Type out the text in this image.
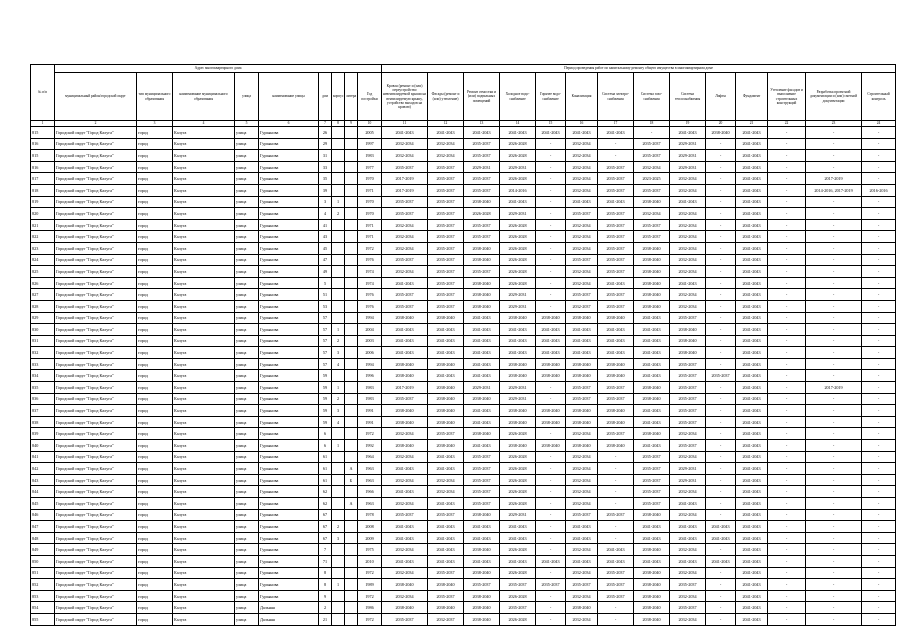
№ п/п	Адрес многоквартирного дома									Период проведения работ по капитальному ремонту общего имущества в многоквартирном доме													
	муниципальный район/городской округ	тип муниципального образования	наименование муниципального образования	улица	наименование улицы	дом	корпус	литера	Год постройки	Кровля (ремонт и (или) переустройство невентилируемой крыши на вентилируемую крышу, устройство выходов на кровлю)	Фасады (ремонт и (или) утепление)	Ремонт отмостки и (или) подвальных помещений	Холодное водо-снабжение	Горячее водо-снабжение	Канализация	Система электро-снабжения	Система газо-снабжения	Система теплоснабжения	Лифты	Фундамент	Утепление фасадов и выполнение строительных конструкций	Разработка проектной документации и (или) сметной документации	Строительный контроль
1	2	3	4	5	6	7	8	9	10	11	12	13	14	15	16	17	18	19	20	21	22	23	24
815	Городской округ "Город Калуга"	город	Калуга	улица	Гурьянова	26			2005	2041-2043	2041-2043	2041-2043	2041-2043	2041-2043	2041-2043	2041-2043	-	2041-2043	2038-2040	2041-2043	-	-	-
816	Городской округ "Город Калуга"	город	Калуга	улица	Гурьянова	29			1997	2032-2034	2032-2034	2035-2037	2026-2028	-	2032-2034	-	2035-2037	2029-2031	-	2041-2043	-	-	-
815	Городской округ "Город Калуга"	город	Калуга	улица	Гурьянова	31			1983	2032-2034	2032-2034	2035-2037	2026-2028	-	2032-2034	-	2035-2037	2029-2031	-	2041-2043	-	-	-
816	Городской округ "Город Калуга"	город	Калуга	улица	Гурьянова	33			1977	2035-2037	2035-2037	2029-2031	2029-2031	-	2032-2034	2035-2037	2032-2034	2029-2031	-	2041-2043	-	-	-
817	Городской округ "Город Калуга"	город	Калуга	улица	Гурьянова	35			1970	2017-2019	2035-2037	2035-2037	2026-2028	-	2032-2034	2035-2037	2023-2025	2032-2034	-	2041-2043	-	2017-2019	-
818	Городской округ "Город Калуга"	город	Калуга	улица	Гурьянова	39			1971	2017-2019	2035-2037	2035-2037	2014-2016	-	2032-2034	2035-2037	2035-2037	2032-2034	-	2041-2043	-	2014-2016, 2017-2019	2016-2016
819	Городской округ "Город Калуга"	город	Калуга	улица	Гурьянова	3	1		1970	2035-2037	2035-2037	2038-2040	2041-2043	-	2041-2043	2041-2043	2038-2040	2041-2043	-	2041-2043	-	-	-
820	Городской округ "Город Калуга"	город	Калуга	улица	Гурьянова	4	2		1970	2035-2037	2035-2037	2026-2028	2029-2031	-	2035-2037	2035-2037	2032-2034	2032-2034	-	2041-2043	-	-	-
821	Городской округ "Город Калуга"	город	Калуга	улица	Гурьянова	41			1971	2032-2034	2035-2037	2035-2037	2026-2028	-	2032-2034	2035-2037	2035-2037	2032-2034	-	2041-2043	-	-	-
822	Городской округ "Город Калуга"	город	Калуга	улица	Гурьянова	43			1971	2032-2034	2035-2037	2035-2037	2026-2028	-	2032-2034	2035-2037	2035-2037	2032-2034	-	2041-2043	-	-	-
823	Городской округ "Город Калуга"	город	Калуга	улица	Гурьянова	45			1972	2032-2034	2035-2037	2038-2040	2026-2028	-	2032-2034	2035-2037	2038-2040	2032-2034	-	2041-2043	-	-	-
824	Городской округ "Город Калуга"	город	Калуга	улица	Гурьянова	47			1976	2035-2037	2035-2037	2038-2040	2026-2028	-	2035-2037	2035-2037	2038-2040	2032-2034	-	2041-2043	-	-	-
825	Городской округ "Город Калуга"	город	Калуга	улица	Гурьянова	49			1974	2032-2034	2035-2037	2035-2037	2026-2028	-	2032-2034	2035-2037	2038-2040	2032-2034	-	2041-2043	-	-	-
826	Городской округ "Город Калуга"	город	Калуга	улица	Гурьянова	5			1974	2041-2043	2035-2037	2038-2040	2026-2028	-	2032-2034	2041-2043	2038-2040	2041-2043	-	2041-2043	-	-	-
827	Городской округ "Город Калуга"	город	Калуга	улица	Гурьянова	51			1976	2035-2037	2035-2037	2038-2040	2029-2031	-	2035-2037	2035-2037	2038-2040	2032-2034	-	2041-2043	-	-	-
828	Городской округ "Город Калуга"	город	Калуга	улица	Гурьянова	53			1976	2035-2037	2035-2037	2038-2040	2029-2031	-	2032-2037	2035-2037	2038-2040	2032-2034	-	2041-2043	-	-	-
829	Городской округ "Город Калуга"	город	Калуга	улица	Гурьянова	57			1994	2038-2040	2038-2040	2041-2043	2038-2040	2038-2040	2038-2040	2038-2040	2041-2043	2035-2037	-	2041-2043	-	-	-
830	Городской округ "Город Калуга"	город	Калуга	улица	Гурьянова	57	1		2004	2041-2043	2041-2043	2041-2043	2041-2043	2041-2043	2041-2043	2041-2043	2041-2043	2038-2040	-	2041-2043	-	-	-
831	Городской округ "Город Калуга"	город	Калуга	улица	Гурьянова	57	2		2003	2041-2043	2041-2043	2041-2043	2041-2043	2041-2043	2041-2043	2041-2043	2041-2043	2038-2040	-	2041-2043	-	-	-
832	Городской округ "Город Калуга"	город	Калуга	улица	Гурьянова	57	3		2006	2041-2043	2041-2043	2041-2043	2041-2043	2041-2043	2041-2043	2041-2043	2041-2043	2038-2040	-	2041-2043	-	-	-
833	Городской округ "Город Калуга"	город	Калуга	улица	Гурьянова	57	4		1994	2038-2040	2038-2040	2041-2043	2038-2040	2038-2040	2038-2040	2038-2040	2041-2043	2035-2037	-	2041-2043	-	-	-
834	Городской округ "Город Калуга"	город	Калуга	улица	Гурьянова	59			1996	2038-2040	2041-2043	2041-2043	2038-2040	2038-2040	2038-2040	2038-2040	2041-2043	2035-2037	2035-2037	2041-2043	-	-	-
835	Городской округ "Город Калуга"	город	Калуга	улица	Гурьянова	59	1		1983	2017-2019	2038-2040	2029-2031	2029-2031	-	2035-2037	2035-2037	2038-2040	2035-2037	-	2041-2043	-	2017-2019	-
836	Городской округ "Город Калуга"	город	Калуга	улица	Гурьянова	59	2		1983	2035-2037	2038-2040	2038-2040	2029-2031	-	2035-2037	2035-2037	2038-2040	2035-2037	-	2041-2043	-	-	-
837	Городской округ "Город Калуга"	город	Калуга	улица	Гурьянова	59	3		1991	2038-2040	2038-2040	2041-2043	2038-2040	2038-2040	2038-2040	2038-2040	2041-2043	2035-2037	-	2041-2043	-	-	-
838	Городской округ "Город Калуга"	город	Калуга	улица	Гурьянова	59	4		1991	2038-2040	2038-2040	2041-2043	2038-2040	2038-2040	2038-2040	2038-2040	2041-2043	2035-2037	-	2041-2043	-	-	-
839	Городской округ "Город Калуга"	город	Калуга	улица	Гурьянова	6			1972	2032-2034	2035-2037	2038-2040	2026-2028	-	2032-2034	2035-2037	2038-2040	2032-2034	-	2041-2043	-	-	-
840	Городской округ "Город Калуга"	город	Калуга	улица	Гурьянова	6	1		1992	2038-2040	2038-2040	2041-2043	2038-2040	2038-2040	2038-2040	2038-2040	2041-2043	2035-2037	-	2041-2043	-	-	-
841	Городской округ "Город Калуга"	город	Калуга	улица	Гурьянова	61			1964	2032-2034	2041-2043	2035-2037	2026-2028	-	2032-2034	-	2035-2037	2032-2034	-	2041-2043	-	-	-
842	Городской округ "Город Калуга"	город	Калуга	улица	Гурьянова	61		А	1963	2041-2043	2041-2043	2035-2037	2026-2028	-	2032-2034	-	2035-2037	2029-2031	-	2041-2043	-	-	-
843	Городской округ "Город Калуга"	город	Калуга	улица	Гурьянова	61		Б	1963	2032-2034	2032-2034	2035-2037	2026-2028	-	2032-2034	-	2035-2037	2029-2031	-	2041-2043	-	-	-
844	Городской округ "Город Калуга"	город	Калуга	улица	Гурьянова	62			1966	2041-2043	2032-2034	2035-2037	2026-2028	-	2032-2034	-	2035-2037	2032-2034	-	2041-2043	-	-	-
845	Городской округ "Город Калуга"	город	Калуга	улица	Гурьянова	62		А	1963	2032-2034	2041-2043	2035-2037	2026-2028	-	2032-2034	-	2035-2037	2041-2043	-	2041-2043	-	-	-
846	Городской округ "Город Калуга"	город	Калуга	улица	Гурьянова	67			1978	2035-2037	2035-2037	2038-2040	2029-2031	-	2035-2037	2035-2037	2038-2040	2032-2034	-	2041-2043	-	-	-
847	Городской округ "Город Калуга"	город	Калуга	улица	Гурьянова	67	2		2008	2041-2043	2041-2043	2041-2043	2041-2043	-	2041-2043	-	2041-2043	2041-2043	2041-2043	2041-2043	-	-	-
848	Городской округ "Город Калуга"	город	Калуга	улица	Гурьянова	67	3		2009	2041-2043	2041-2043	2041-2043	2041-2043	-	2041-2043	-	2041-2043	2041-2043	2041-2043	2041-2043	-	-	-
849	Городской округ "Город Калуга"	город	Калуга	улица	Гурьянова	7			1975	2032-2034	2041-2043	2038-2040	2026-2028	-	2032-2034	2041-2043	2038-2040	2032-2034	-	2041-2043	-	-	-
850	Городской округ "Город Калуга"	город	Калуга	улица	Гурьянова	71			2010	2041-2043	2041-2043	2041-2043	2041-2043	2041-2043	2041-2043	2041-2043	2041-2043	2041-2043	2041-2043	2041-2043	-	-	-
851	Городской округ "Город Калуга"	город	Калуга	улица	Гурьянова	8			1972	2032-2034	2035-2037	2038-2040	2026-2028	-	2032-2034	2035-2037	2038-2040	2032-2034	-	2041-2043	-	-	-
852	Городской округ "Город Калуга"	город	Калуга	улица	Гурьянова	8	1		1989	2038-2040	2038-2040	2035-2037	2035-2037	2035-2037	2035-2037	2035-2037	2038-2040	2035-2037	-	2041-2043	-	-	-
853	Городской округ "Город Калуга"	город	Калуга	улица	Гурьянова	9			1972	2032-2034	2035-2037	2038-2040	2026-2028	-	2032-2034	2035-2037	2038-2040	2032-2034	-	2041-2043	-	-	-
854	Городской округ "Город Калуга"	город	Калуга	улица	Дальняя	2			1986	2038-2040	2038-2040	2038-2040	2035-2037	-	2038-2040	-	2038-2040	2035-2037	-	2041-2043	-	-	-
855	Городской округ "Город Калуга"	город	Калуга	улица	Дальняя	21			1972	2035-2037	2032-2037	2038-2040	2026-2028	-	2032-2034	-	2038-2040	2032-2034	-	2041-2043	-	-	-
